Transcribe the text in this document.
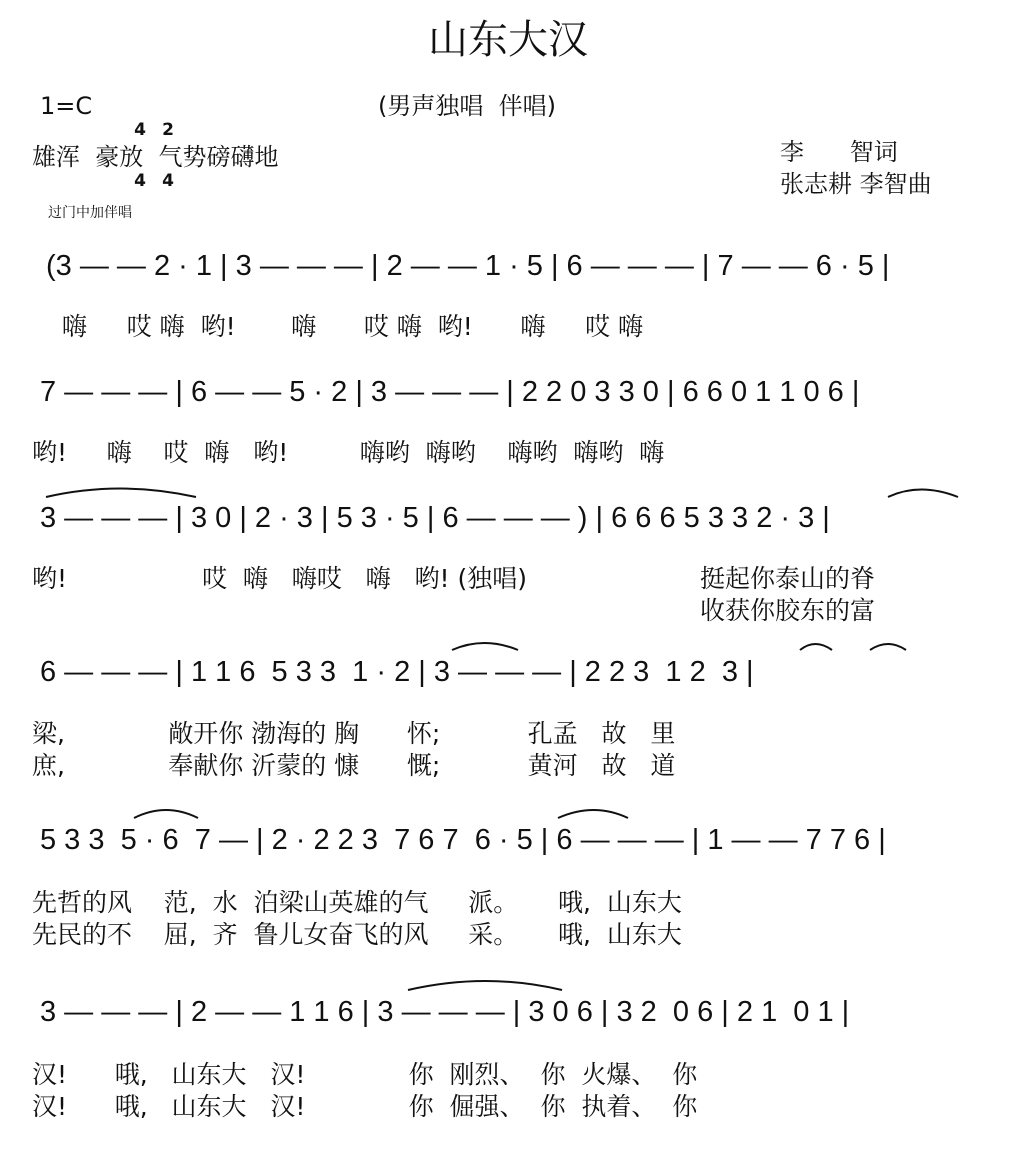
山东大汉
1=C

4

4

2

4

(男声独唱  伴唱)
雄浑  豪放  气势磅礴地	李      智词
张志耕 李智曲
过门中加伴唱
(3 — — 2 · 1 | 3 — — — | 2 — — 1 · 5 | 6 — — — | 7 — — 6 · 5 |
嗨     哎 嗨  哟!       嗨      哎 嗨  哟!      嗨     哎 嗨
7 — — — | 6 — — 5 · 2 | 3 — — — | 2 2 0 3 3 0 | 6 6 0 1 1 0 6 |
哟!     嗨    哎  嗨   哟!         嗨哟  嗨哟    嗨哟  嗨哟  嗨
3 — — — | 3 0 | 2 · 3 | 5 3 · 5 | 6 — — — ) | 6 6 6 5 3 3 2 · 3 |
哟!                 哎  嗨   嗨哎   嗨   哟! (独唱)	挺起你泰山的脊
收获你胶东的富
6 — — — | 1 1 6  5 3 3  1 · 2 | 3 — — — | 2 2 3  1 2  3 |
梁,             敞开你 渤海的 胸      怀;           孔孟   故   里
庶,             奉献你 沂蒙的 慷      慨;           黄河   故   道
5 3 3  5 · 6  7 — | 2 · 2 2 3  7 6 7  6 · 5 | 6 — — — | 1 — — 7 7 6 |
先哲的风    范,  水  泊梁山英雄的气     派。     哦,  山东大
先民的不    屈,  齐  鲁儿女奋飞的风     采。     哦,  山东大
3 — — — | 2 — — 1 1 6 | 3 — — — | 3 0 6 | 3 2  0 6 | 2 1  0 1 |
汉!      哦,   山东大   汉!             你  刚烈、  你  火爆、  你
汉!      哦,   山东大   汉!             你  倔强、  你  执着、  你
